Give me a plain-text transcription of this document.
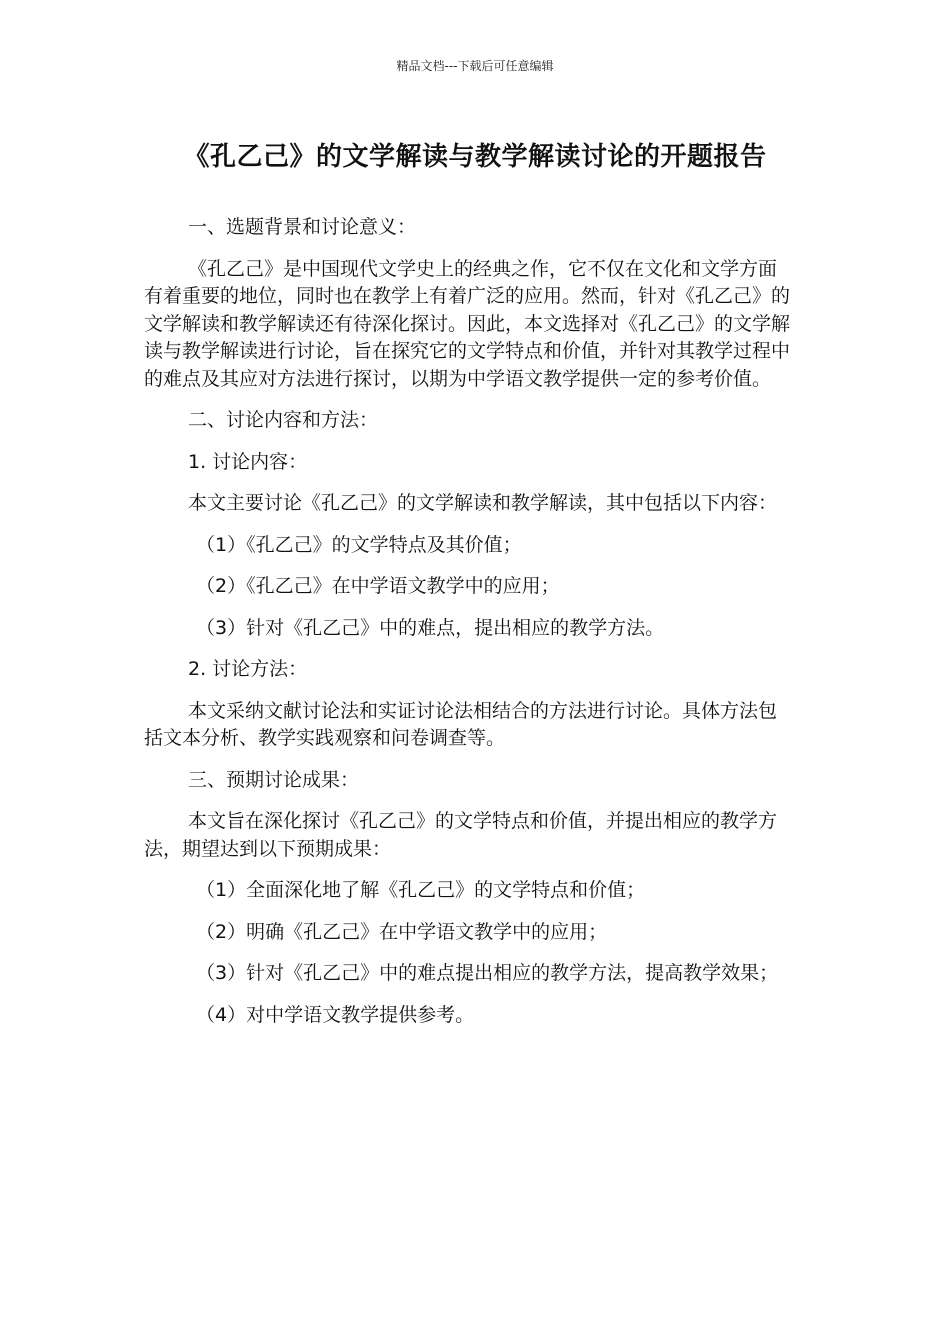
精品文档---下载后可任意编辑
《孔乙己》的文学解读与教学解读讨论的开题报告

一、选题背景和讨论意义：

《孔乙己》是中国现代文学史上的经典之作，它不仅在文化和文学方面有着重要的地位，同时也在教学上有着广泛的应用。然而，针对《孔乙己》的文学解读和教学解读还有待深化探讨。因此，本文选择对《孔乙己》的文学解读与教学解读进行讨论，旨在探究它的文学特点和价值，并针对其教学过程中的难点及其应对方法进行探讨，以期为中学语文教学提供一定的参考价值。

二、讨论内容和方法：

1. 讨论内容：

本文主要讨论《孔乙己》的文学解读和教学解读，其中包括以下内容：

（1）《孔乙己》的文学特点及其价值；

（2）《孔乙己》在中学语文教学中的应用；

（3）针对《孔乙己》中的难点，提出相应的教学方法。

2. 讨论方法：

本文采纳文献讨论法和实证讨论法相结合的方法进行讨论。具体方法包括文本分析、教学实践观察和问卷调查等。

三、预期讨论成果：

本文旨在深化探讨《孔乙己》的文学特点和价值，并提出相应的教学方法，期望达到以下预期成果：

（1）全面深化地了解《孔乙己》的文学特点和价值；

（2）明确《孔乙己》在中学语文教学中的应用；

（3）针对《孔乙己》中的难点提出相应的教学方法，提高教学效果；

（4）对中学语文教学提供参考。
